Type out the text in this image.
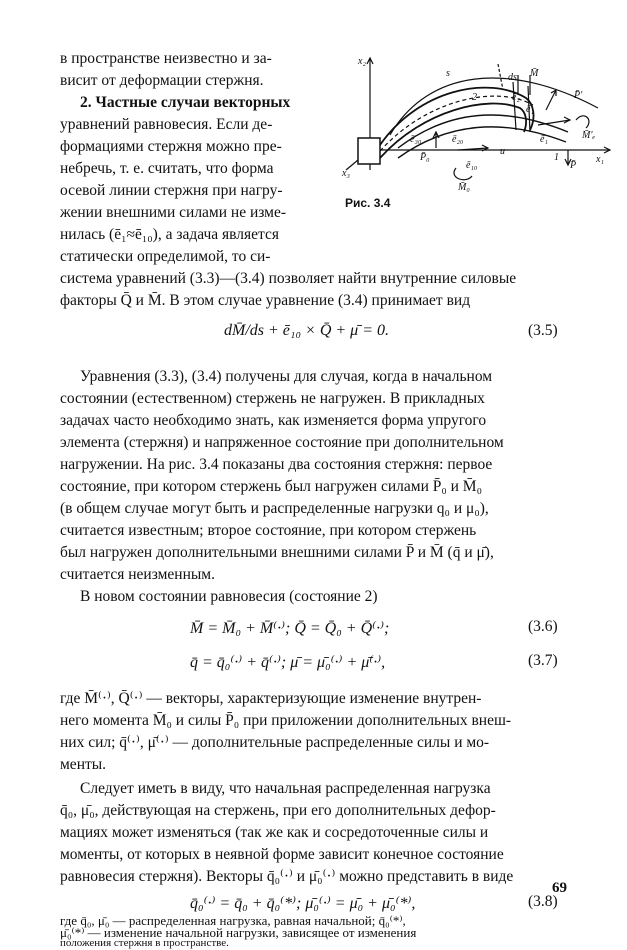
в пространстве неизвестно и за-
висит от деформации стержня.
2. Частные случаи векторных
уравнений равновесия. Если де-
формациями стержня можно пре-
небречь, т. е. считать, что форма
осевой линии стержня при нагру-
жении внешними силами не изме-
нилась (ē₁≈ē₁₀), а задача является
статически определимой, то си-
x₂
s	ds M̄
P̄'
2	ē₂
ē₁
M̄'ₑ
ē₃₀	ē₂₀	ē₁
1
P̄₀
ē₁₀
u
x₁
P̄
x₃
M̄₀
Рис. 3.4
система уравнений (3.3)—(3.4) позволяет найти внутренние силовые
факторы Q̄ и M̄. В этом случае уравнение (3.4) принимает вид
dM̄/ds + ē₁₀ × Q̄ + μ̄ = 0.	(3.5)
Уравнения (3.3), (3.4) получены для случая, когда в начальном
состоянии (естественном) стержень не нагружен. В прикладных
задачах часто необходимо знать, как изменяется форма упругого
элемента (стержня) и напряженное состояние при дополнительном
нагружении. На рис. 3.4 показаны два состояния стержня: первое
состояние, при котором стержень был нагружен силами P̄₀ и M̄₀
(в общем случае могут быть и распределенные нагрузки q₀ и μ₀),
считается известным; второе состояние, при котором стержень
был нагружен дополнительными внешними силами P̄ и M̄ (q̄ и μ̄),
считается неизменным.
В новом состоянии равновесия (состояние 2)
M̄ = M̄₀ + M̄⁽·⁾; Q̄ = Q̄₀ + Q̄⁽·⁾;	(3.6)
q̄ = q̄₀⁽·⁾ + q̄⁽·⁾; μ̄ = μ̄₀⁽·⁾ + μ̄⁽·⁾,	(3.7)
где M̄⁽·⁾, Q̄⁽·⁾ — векторы, характеризующие изменение внутрен-
него момента M̄₀ и силы P̄₀ при приложении дополнительных внеш-
них сил; q̄⁽·⁾, μ̄⁽·⁾ — дополнительные распределенные силы и мо-
менты.
Следует иметь в виду, что начальная распределенная нагрузка
q̄₀, μ̄₀, действующая на стержень, при его дополнительных дефор-
мациях может изменяться (так же как и сосредоточенные силы и
моменты, от которых в неявной форме зависит конечное состояние
равновесия стержня). Векторы q̄₀⁽·⁾ и μ̄₀⁽·⁾ можно представить в виде
q̄₀⁽·⁾ = q̄₀ + q̄₀⁽*⁾; μ̄₀⁽·⁾ = μ̄₀ + μ̄₀⁽*⁾,	(3.8)
где q̄₀, μ̄₀ — распределенная нагрузка, равная начальной; q̄₀⁽*⁾,
μ̄₀⁽*⁾ — изменение начальной нагрузки, зависящее от изменения
положения стержня в пространстве.
69
